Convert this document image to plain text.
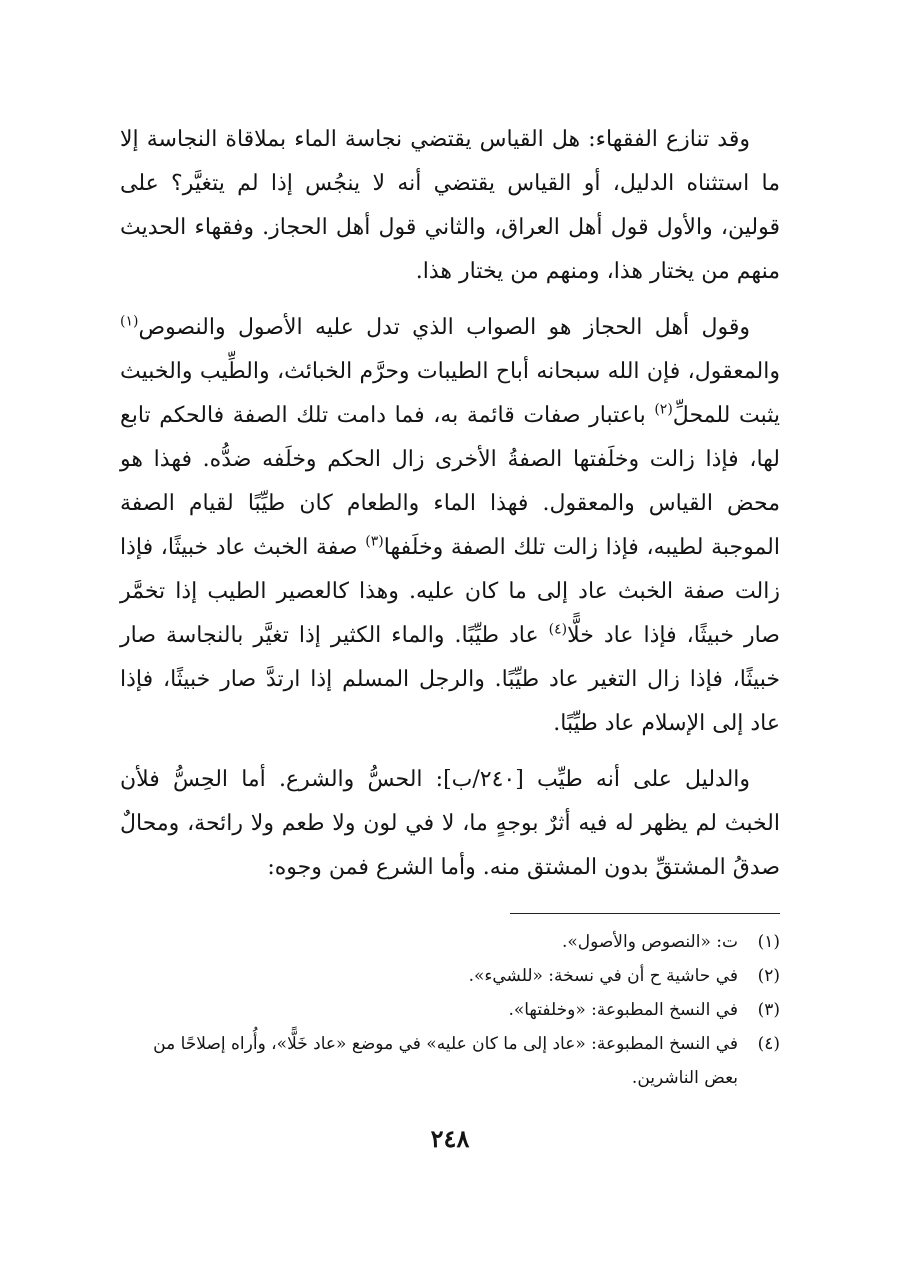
وقد تنازع الفقهاء: هل القياس يقتضي نجاسة الماء بملاقاة النجاسة إلا ما استثناه الدليل، أو القياس يقتضي أنه لا ينجُس إذا لم يتغيَّر؟ على قولين، والأول قول أهل العراق، والثاني قول أهل الحجاز. وفقهاء الحديث منهم من يختار هذا، ومنهم من يختار هذا.

وقول أهل الحجاز هو الصواب الذي تدل عليه الأصول والنصوص$^{(١)}$ والمعقول، فإن الله سبحانه أباح الطيبات وحرَّم الخبائث، والطِّيب والخبيث يثبت للمحلِّ$^{(٢)}$ باعتبار صفات قائمة به، فما دامت تلك الصفة فالحكم تابع لها، فإذا زالت وخلَفتها الصفةُ الأخرى زال الحكم وخلَفه ضدُّه. فهذا هو محض القياس والمعقول. فهذا الماء والطعام كان طيِّبًا لقيام الصفة الموجبة لطيبه، فإذا زالت تلك الصفة وخلَفها$^{(٣)}$ صفة الخبث عاد خبيثًا، فإذا زالت صفة الخبث عاد إلى ما كان عليه. وهذا كالعصير الطيب إذا تخمَّر صار خبيثًا، فإذا عاد خلًّا$^{(٤)}$ عاد طيِّبًا. والماء الكثير إذا تغيَّر بالنجاسة صار خبيثًا، فإذا زال التغير عاد طيِّبًا. والرجل المسلم إذا ارتدَّ صار خبيثًا، فإذا عاد إلى الإسلام عاد طيِّبًا.

والدليل على أنه طيِّب [٢٤٠/ب]: الحسُّ والشرع. أما الحِسُّ فلأن الخبث لم يظهر له فيه أثرٌ بوجهٍ ما، لا في لون ولا طعم ولا رائحة، ومحالٌ صدقُ المشتقِّ بدون المشتق منه. وأما الشرع فمن وجوه:

(١)
ت: «النصوص والأصول».
(٢)
في حاشية ح أن في نسخة: «للشيء».
(٣)
في النسخ المطبوعة: «وخلفتها».
(٤)
في النسخ المطبوعة: «عاد إلى ما كان عليه» في موضع «عاد خَلًّا»، وأُراه إصلاحًا من بعض الناشرين.
٢٤٨
